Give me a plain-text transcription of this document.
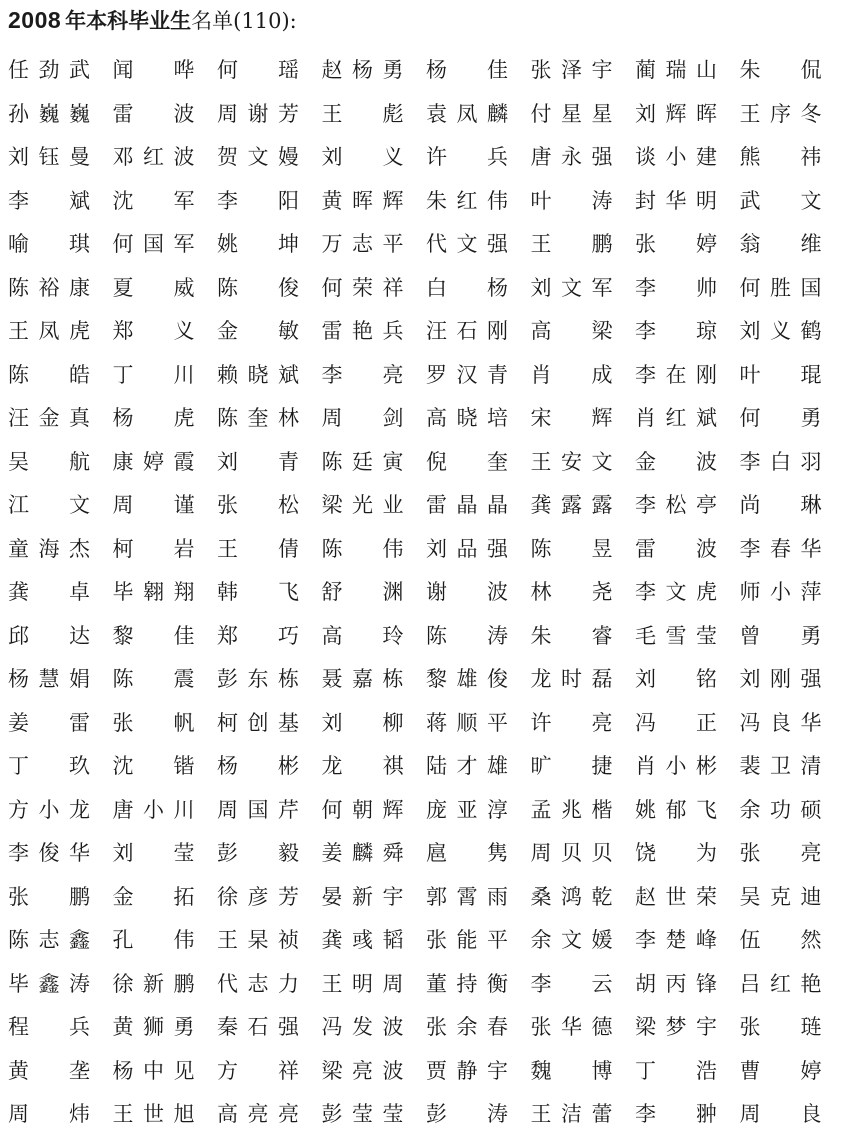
2008 年本科毕业生名单(110):
任劲武 闻哗 何瑶 赵杨勇 杨佳 张泽宇 蔺瑞山 朱侃
孙巍巍 雷波 周谢芳 王彪 袁凤麟 付星星 刘辉晖 王序冬
刘钰曼 邓红波 贺文嫚 刘义 许兵 唐永强 谈小建 熊祎
李斌 沈军 李阳 黄晖辉 朱红伟 叶涛 封华明 武文
喻琪 何国军 姚坤 万志平 代文强 王鹏 张婷 翁维
陈裕康 夏威 陈俊 何荣祥 白杨 刘文军 李帅 何胜国
王凤虎 郑义 金敏 雷艳兵 汪石刚 高梁 李琼 刘义鹤
陈皓 丁川 赖晓斌 李亮 罗汉青 肖成 李在刚 叶琨
汪金真 杨虎 陈奎林 周剑 高晓培 宋辉 肖红斌 何勇
吴航 康婷霞 刘青 陈廷寅 倪奎 王安文 金波 李白羽
江文 周谨 张松 梁光业 雷晶晶 龚露露 李松亭 尚琳
童海杰 柯岩 王倩 陈伟 刘品强 陈昱 雷波 李春华
龚卓 毕翱翔 韩飞 舒渊 谢波 林尧 李文虎 师小萍
邱达 黎佳 郑巧 高玲 陈涛 朱睿 毛雪莹 曾勇
杨慧娟 陈震 彭东栋 聂嘉栋 黎雄俊 龙时磊 刘铭 刘刚强
姜雷 张帆 柯创基 刘柳 蒋顺平 许亮 冯正 冯良华
丁玖 沈锴 杨彬 龙祺 陆才雄 旷捷 肖小彬 裴卫清
方小龙 唐小川 周国芹 何朝辉 庞亚淳 孟兆楷 姚郁飞 余功硕
李俊华 刘莹 彭毅 姜麟舜 扈隽 周贝贝 饶为 张亮
张鹏 金拓 徐彦芳 晏新宇 郭霄雨 桑鸿乾 赵世荣 吴克迪
陈志鑫 孔伟 王杲祯 龚彧韬 张能平 余文媛 李楚峰 伍然
毕鑫涛 徐新鹏 代志力 王明周 董持衡 李云 胡丙锋 吕红艳
程兵 黄狮勇 秦石强 冯发波 张余春 张华德 梁梦宇 张琏
黄垄 杨中见 方祥 梁亮波 贾静宇 魏博 丁浩 曹婷
周炜 王世旭 高亮亮 彭莹莹 彭涛 王洁蕾 李翀 周良
